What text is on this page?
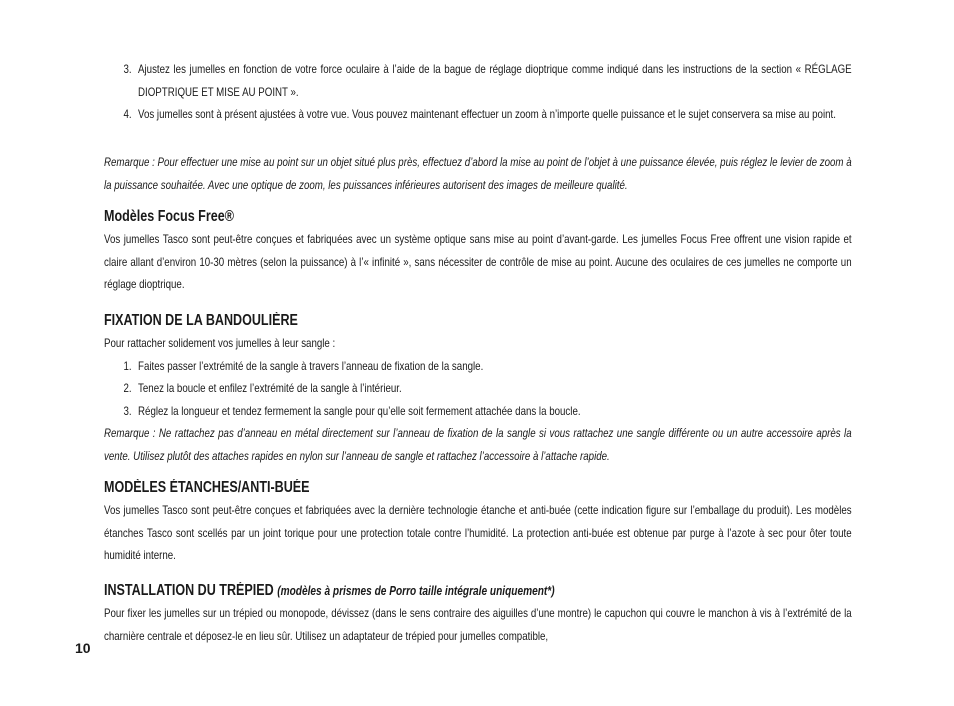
3. Ajustez les jumelles en fonction de votre force oculaire à l’aide de la bague de réglage dioptrique comme indiqué dans les instructions de la section « RÉGLAGE DIOPTRIQUE ET MISE AU POINT ».

4. Vos jumelles sont à présent ajustées à votre vue. Vous pouvez maintenant effectuer un zoom à n’importe quelle puissance et le sujet conservera sa mise au point.

Remarque : Pour effectuer une mise au point sur un objet situé plus près, effectuez d’abord la mise au point de l’objet à une puissance élevée, puis réglez le levier de zoom à la puissance souhaitée. Avec une optique de zoom, les puissances inférieures autorisent des images de meilleure qualité.

Modèles Focus Free®

Vos jumelles Tasco sont peut-être conçues et fabriquées avec un système optique sans mise au point d’avant-garde. Les jumelles Focus Free offrent une vision rapide et claire allant d’environ 10-30 mètres (selon la puissance) à l’« infinité », sans nécessiter de contrôle de mise au point. Aucune des oculaires de ces jumelles ne comporte un réglage dioptrique.

FIXATION DE LA BANDOULIÈRE

Pour rattacher solidement vos jumelles à leur sangle :

1. Faites passer l’extrémité de la sangle à travers l’anneau de fixation de la sangle.

2. Tenez la boucle et enfilez l’extrémité de la sangle à l’intérieur.

3. Réglez la longueur et tendez fermement la sangle pour qu’elle soit fermement attachée dans la boucle.

Remarque : Ne rattachez pas d’anneau en métal directement sur l’anneau de fixation de la sangle si vous rattachez une sangle différente ou un autre accessoire après la vente. Utilisez plutôt des attaches rapides en nylon sur l’anneau de sangle et rattachez l’accessoire à l’attache rapide.

MODÈLES ÉTANCHES/ANTI-BUÉE

Vos jumelles Tasco sont peut-être conçues et fabriquées avec la dernière technologie étanche et anti-buée (cette indication figure sur l’emballage du produit). Les modèles étanches Tasco sont scellés par un joint torique pour une protection totale contre l’humidité. La protection anti-buée est obtenue par purge à l’azote à sec pour ôter toute humidité interne.

INSTALLATION DU TRÉPIED (modèles à prismes de Porro taille intégrale uniquement*)

Pour fixer les jumelles sur un trépied ou monopode, dévissez (dans le sens contraire des aiguilles d’une montre) le capuchon qui couvre le manchon à vis à l’extrémité de la charnière centrale et déposez-le en lieu sûr. Utilisez un adaptateur de trépied pour jumelles compatible,

10
